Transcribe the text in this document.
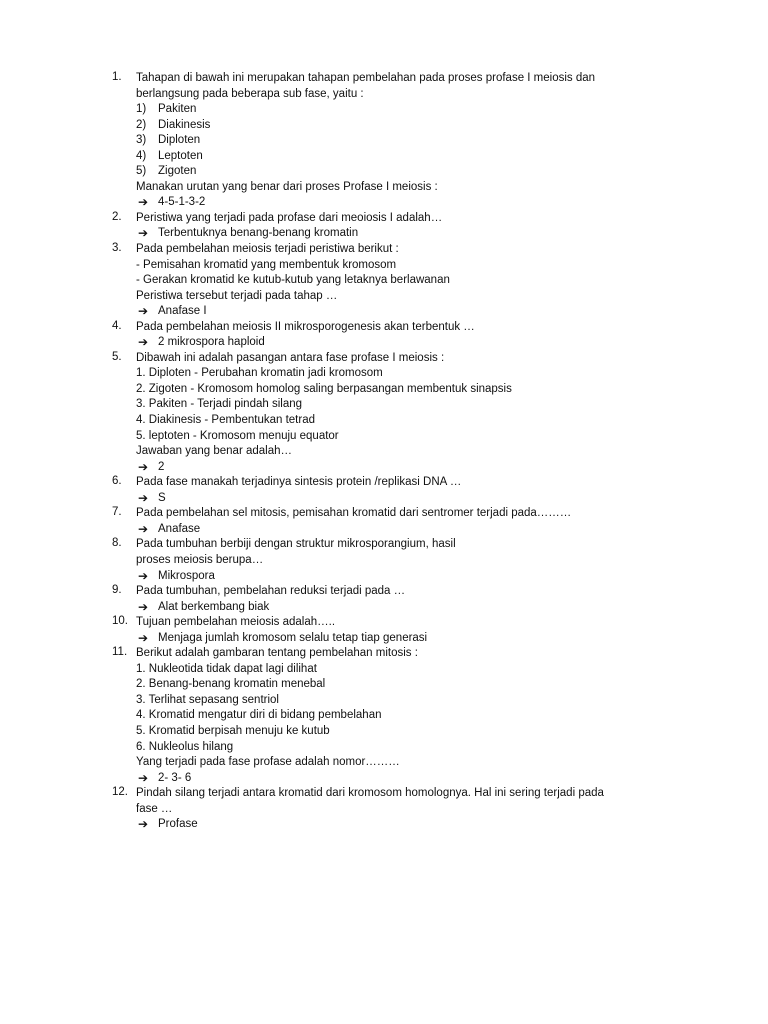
1.	Tahapan di bawah ini merupakan tahapan pembelahan pada proses profase I meiosis dan
berlangsung pada beberapa sub fase, yaitu :
1) Pakiten
2) Diakinesis
3) Diploten
4) Leptoten
5) Zigoten
Manakan urutan yang benar dari proses Profase I meiosis :
➔ 4-5-1-3-2
2.	Peristiwa yang terjadi pada profase dari meoiosis I adalah…
➔ Terbentuknya benang-benang kromatin
3.	Pada pembelahan meiosis terjadi peristiwa berikut :
- Pemisahan kromatid yang membentuk kromosom
- Gerakan kromatid ke kutub-kutub yang letaknya berlawanan
Peristiwa tersebut terjadi pada tahap …
➔ Anafase I
4.	Pada pembelahan meiosis II mikrosporogenesis akan terbentuk …
➔ 2 mikrospora haploid
5.	Dibawah ini adalah pasangan antara fase profase I meiosis :
1. Diploten - Perubahan kromatin jadi kromosom
2. Zigoten - Kromosom homolog saling berpasangan membentuk sinapsis
3. Pakiten - Terjadi pindah silang
4. Diakinesis - Pembentukan tetrad
5. leptoten - Kromosom menuju equator
Jawaban yang benar adalah…
➔ 2
6.	Pada fase manakah terjadinya sintesis protein /replikasi DNA …
➔ S
7.	Pada pembelahan sel mitosis, pemisahan kromatid dari sentromer terjadi pada………
➔ Anafase
8.	Pada tumbuhan berbiji dengan struktur mikrosporangium, hasil
proses meiosis berupa…
➔ Mikrospora
9.	Pada tumbuhan, pembelahan reduksi terjadi pada …
➔ Alat berkembang biak
10. Tujuan pembelahan meiosis adalah…..
➔ Menjaga jumlah kromosom selalu tetap tiap generasi
11. Berikut adalah gambaran tentang pembelahan mitosis :
1. Nukleotida tidak dapat lagi dilihat
2. Benang-benang kromatin menebal
3. Terlihat sepasang sentriol
4. Kromatid mengatur diri di bidang pembelahan
5. Kromatid berpisah menuju ke kutub
6. Nukleolus hilang
Yang terjadi pada fase profase adalah nomor………
➔ 2- 3- 6
12. Pindah silang terjadi antara kromatid dari kromosom homolognya. Hal ini sering terjadi pada
fase …
➔ Profase
